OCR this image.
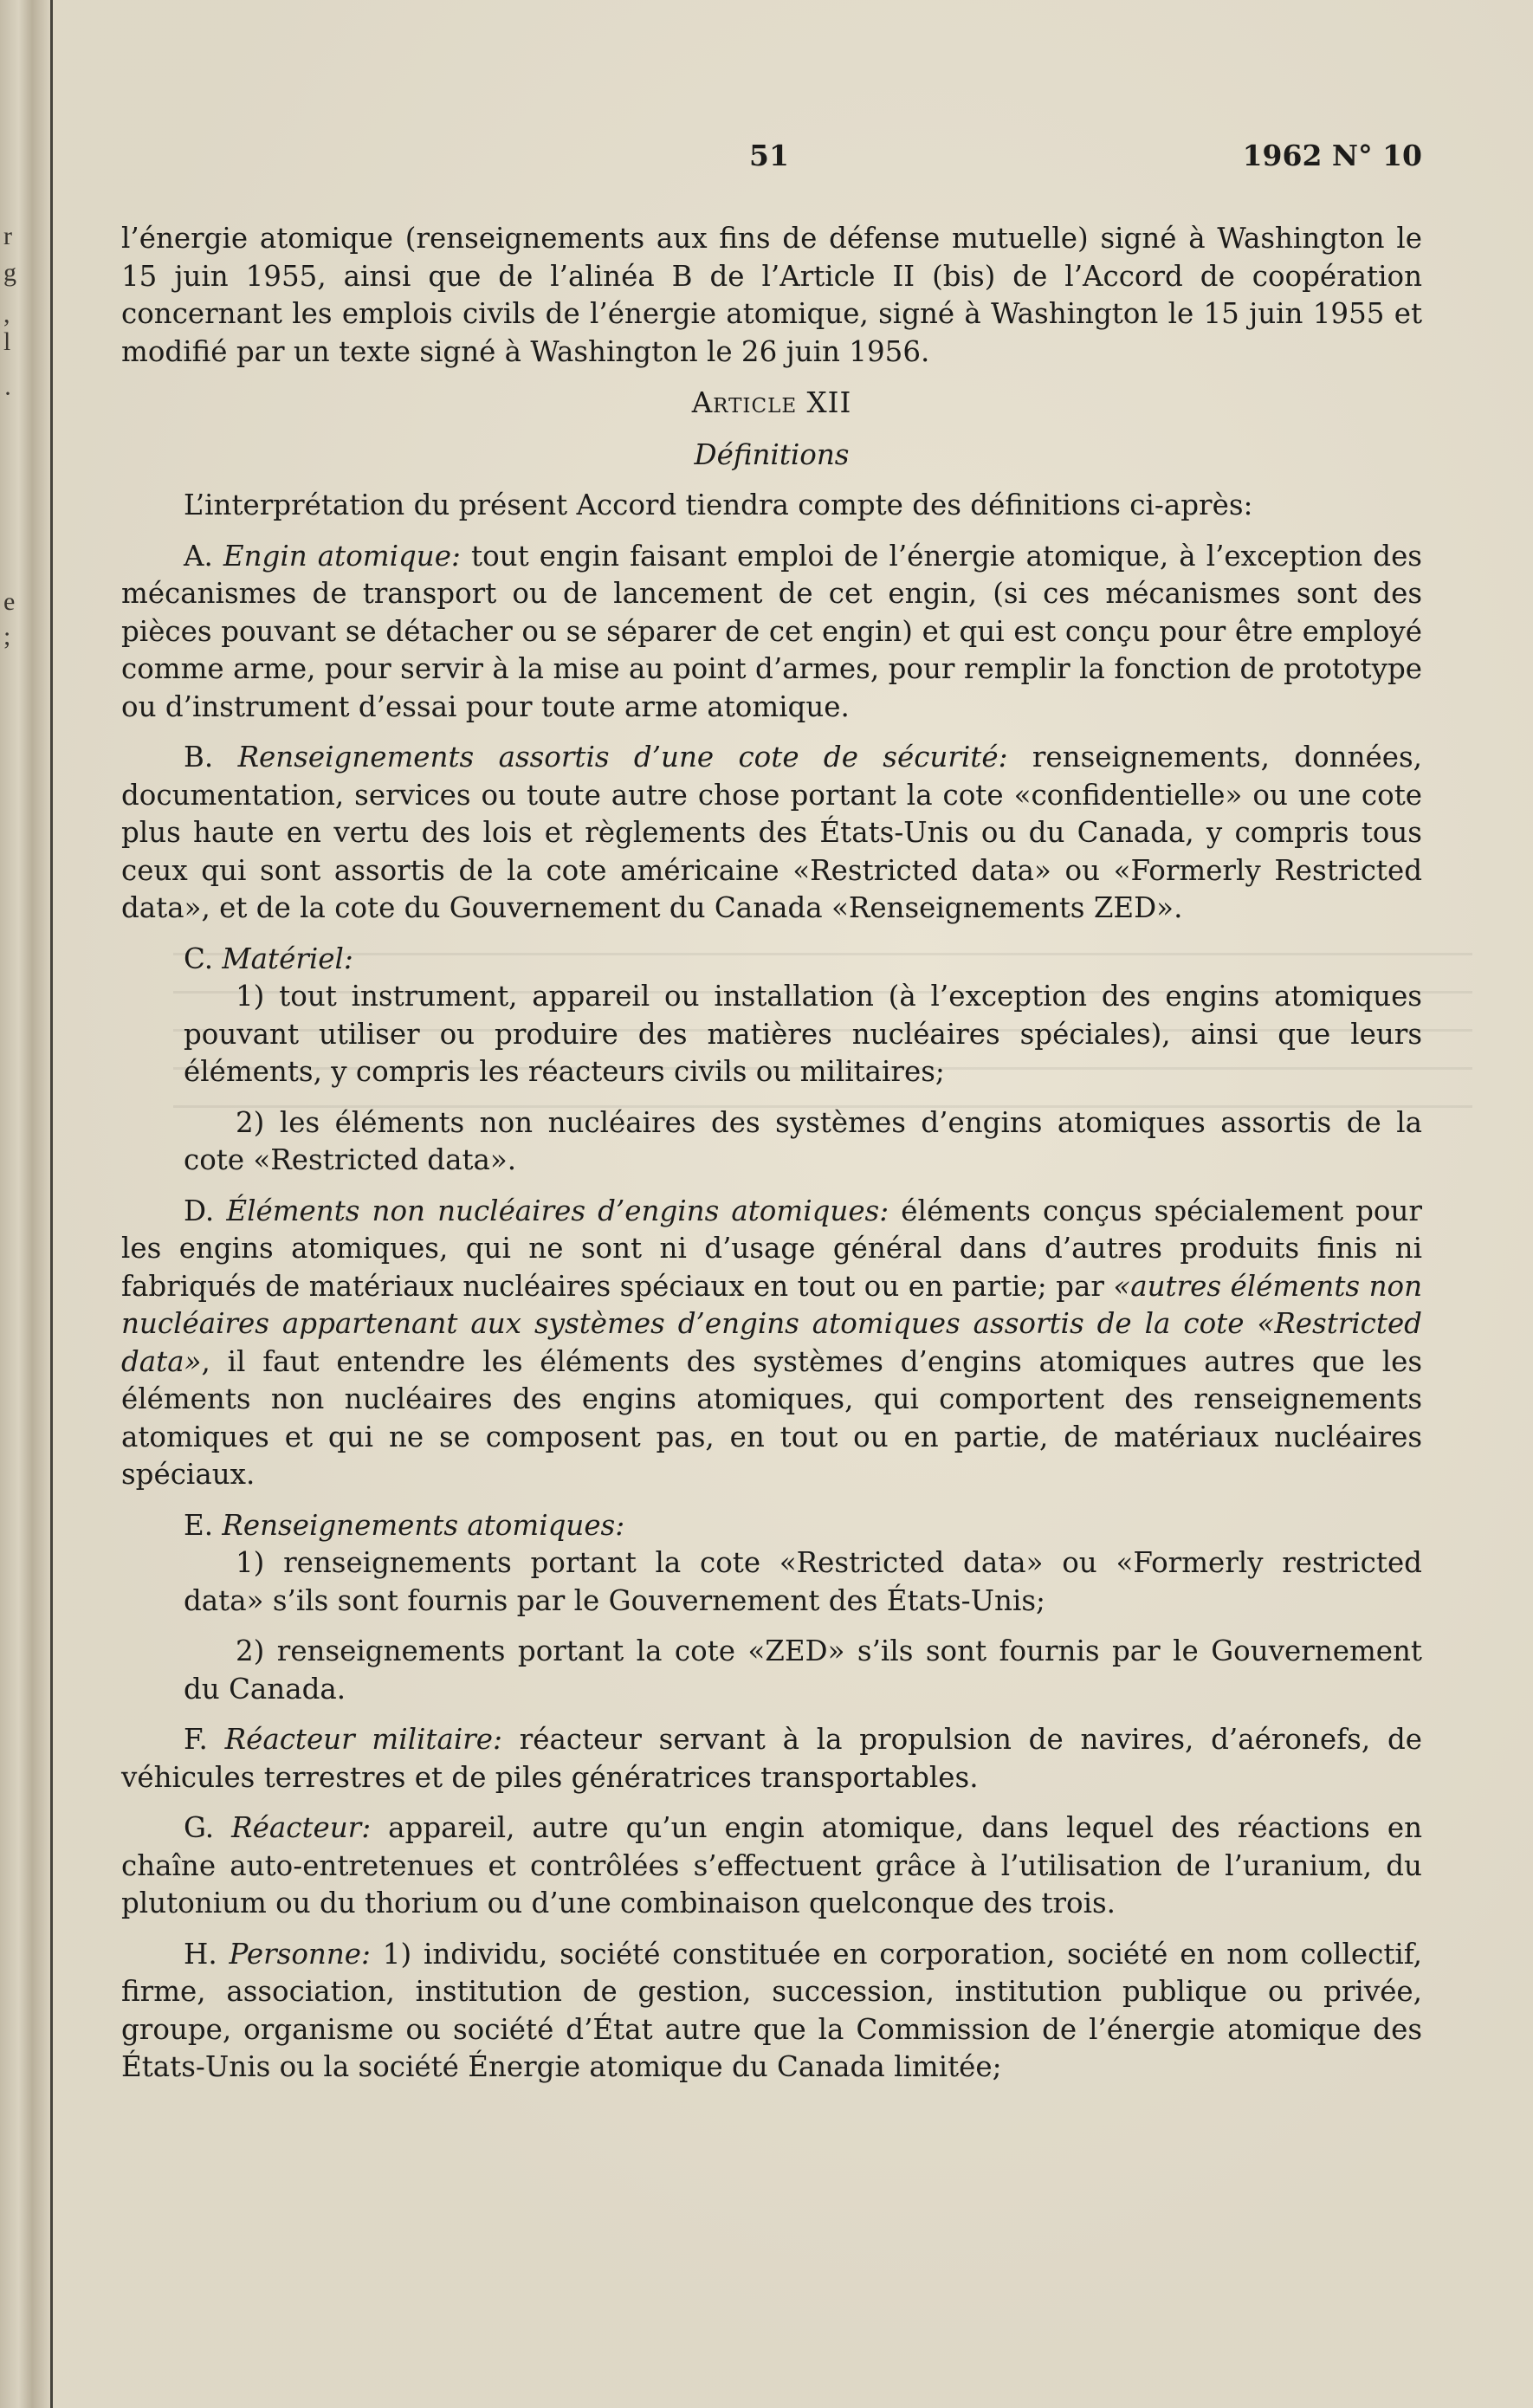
r
g
,
l
·
e
;
51	1962 N° 10

l’énergie atomique (renseignements aux fins de défense mutuelle) signé à Washington le 15 juin 1955, ainsi que de l’alinéa B de l’Article II (bis) de l’Accord de coopération concernant les emplois civils de l’énergie atomique, signé à Washington le 15 juin 1955 et modifié par un texte signé à Washington le 26 juin 1956.

Article XII

Définitions

L’interprétation du présent Accord tiendra compte des définitions ci-après:

A. Engin atomique: tout engin faisant emploi de l’énergie atomique, à l’exception des mécanismes de transport ou de lancement de cet engin, (si ces mécanismes sont des pièces pouvant se détacher ou se séparer de cet engin) et qui est conçu pour être employé comme arme, pour servir à la mise au point d’armes, pour remplir la fonction de prototype ou d’instrument d’essai pour toute arme atomique.

B. Renseignements assortis d’une cote de sécurité: renseignements, données, documentation, services ou toute autre chose portant la cote «confidentielle» ou une cote plus haute en vertu des lois et règlements des États-Unis ou du Canada, y compris tous ceux qui sont assortis de la cote américaine «Restricted data» ou «Formerly Restricted data», et de la cote du Gouvernement du Canada «Renseignements ZED».

C. Matériel:

1) tout instrument, appareil ou installation (à l’exception des engins atomiques pouvant utiliser ou produire des matières nucléaires spéciales), ainsi que leurs éléments, y compris les réacteurs civils ou militaires;

2) les éléments non nucléaires des systèmes d’engins atomiques assortis de la cote «Restricted data».

D. Éléments non nucléaires d’engins atomiques: éléments conçus spécialement pour les engins atomiques, qui ne sont ni d’usage général dans d’autres produits finis ni fabriqués de matériaux nucléaires spéciaux en tout ou en partie; par «autres éléments non nucléaires appartenant aux systèmes d’engins atomiques assortis de la cote «Restricted data», il faut entendre les éléments des systèmes d’engins atomiques autres que les éléments non nucléaires des engins atomiques, qui comportent des renseignements atomiques et qui ne se composent pas, en tout ou en partie, de matériaux nucléaires spéciaux.

E. Renseignements atomiques:

1) renseignements portant la cote «Restricted data» ou «Formerly restricted data» s’ils sont fournis par le Gouvernement des États-Unis;

2) renseignements portant la cote «ZED» s’ils sont fournis par le Gouvernement du Canada.

F. Réacteur militaire: réacteur servant à la propulsion de navires, d’aéronefs, de véhicules terrestres et de piles génératrices transportables.

G. Réacteur: appareil, autre qu’un engin atomique, dans lequel des réactions en chaîne auto-entretenues et contrôlées s’effectuent grâce à l’utilisation de l’uranium, du plutonium ou du thorium ou d’une combinaison quelconque des trois.

H. Personne: 1) individu, société constituée en corporation, société en nom collectif, firme, association, institution de gestion, succession, institution publique ou privée, groupe, organisme ou société d’État autre que la Commission de l’énergie atomique des États-Unis ou la société Énergie atomique du Canada limitée;
